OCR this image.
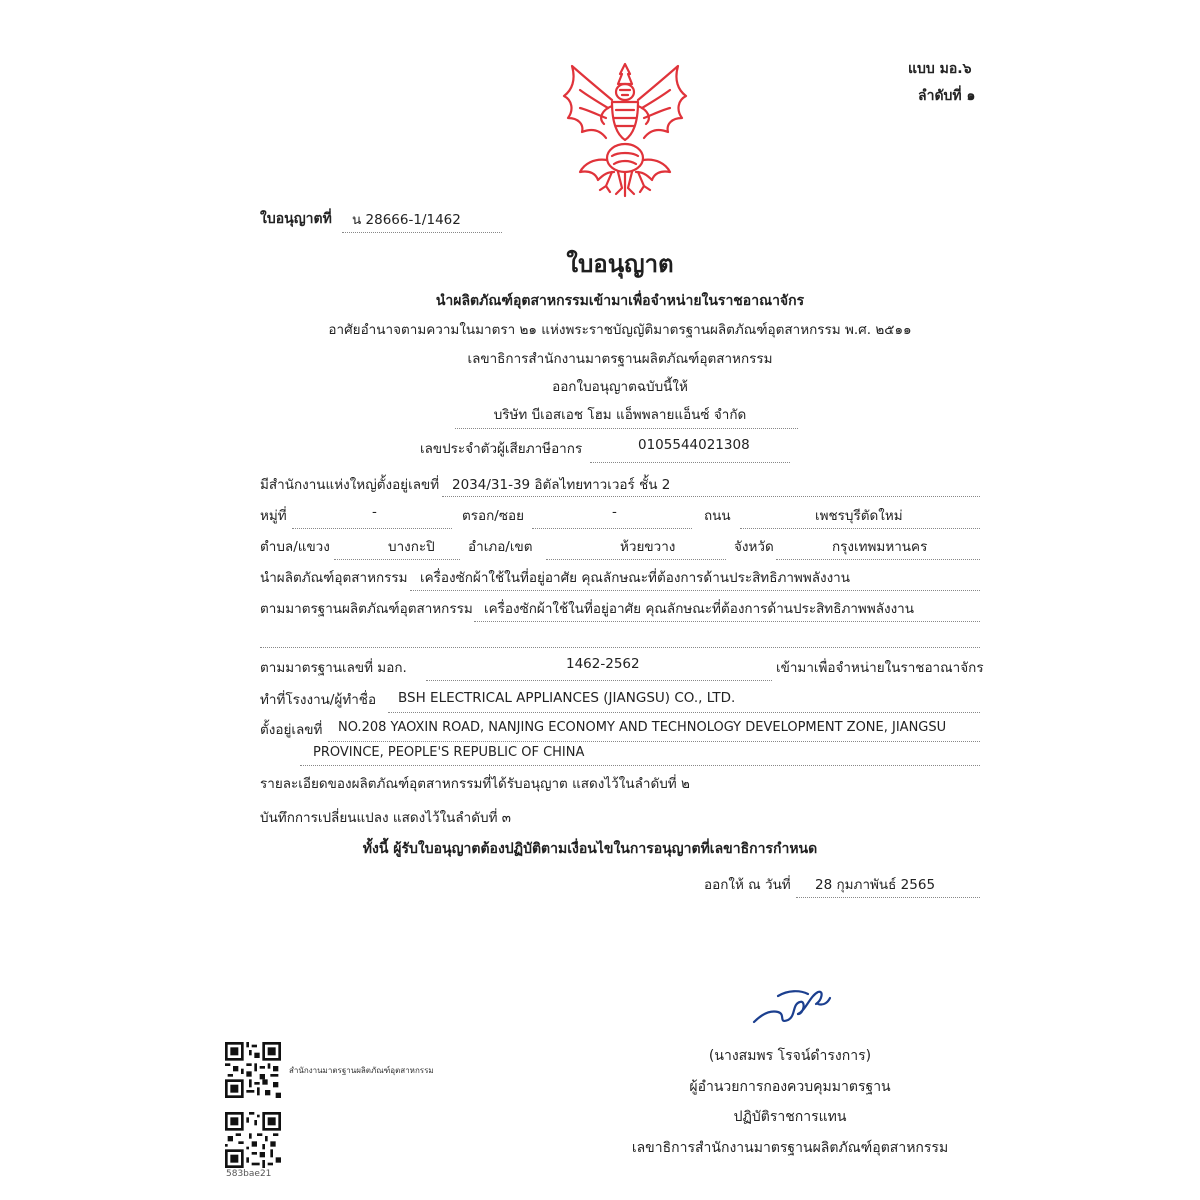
แบบ มอ.๖
ลำดับที่ ๑
ใบอนุญาตที่ น 28666-1/1462
ใบอนุญาต
นำผลิตภัณฑ์อุตสาหกรรมเข้ามาเพื่อจำหน่ายในราชอาณาจักร
อาศัยอำนาจตามความในมาตรา ๒๑ แห่งพระราชบัญญัติมาตรฐานผลิตภัณฑ์อุตสาหกรรม พ.ศ. ๒๕๑๑
เลขาธิการสำนักงานมาตรฐานผลิตภัณฑ์อุตสาหกรรม
ออกใบอนุญาตฉบับนี้ให้
บริษัท บีเอสเอช โฮม แอ็พพลายแอ็นซ์ จำกัด
เลขประจำตัวผู้เสียภาษีอากร	0105544021308
มีสำนักงานแห่งใหญ่ตั้งอยู่เลขที่ 2034/31-39 อิตัลไทยทาวเวอร์ ชั้น 2
หมู่ที่	-	ตรอก/ซอย	-	ถนน	เพชรบุรีตัดใหม่
ตำบล/แขวง	บางกะปิ อำเภอ/เขต	ห้วยขวาง	จังหวัด	กรุงเทพมหานคร
นำผลิตภัณฑ์อุตสาหกรรม เครื่องซักผ้าใช้ในที่อยู่อาศัย คุณลักษณะที่ต้องการด้านประสิทธิภาพพลังงาน
ตามมาตรฐานผลิตภัณฑ์อุตสาหกรรม เครื่องซักผ้าใช้ในที่อยู่อาศัย คุณลักษณะที่ต้องการด้านประสิทธิภาพพลังงาน
ตามมาตรฐานเลขที่ มอก.	1462-2562	เข้ามาเพื่อจำหน่ายในราชอาณาจักร
ทำที่โรงงาน/ผู้ทำชื่อ BSH ELECTRICAL APPLIANCES (JIANGSU) CO., LTD.
ตั้งอยู่เลขที่ NO.208 YAOXIN ROAD, NANJING ECONOMY AND TECHNOLOGY DEVELOPMENT ZONE, JIANGSU
PROVINCE, PEOPLE'S REPUBLIC OF CHINA
รายละเอียดของผลิตภัณฑ์อุตสาหกรรมที่ได้รับอนุญาต แสดงไว้ในลำดับที่ ๒
บันทึกการเปลี่ยนแปลง แสดงไว้ในลำดับที่ ๓
ทั้งนี้ ผู้รับใบอนุญาตต้องปฏิบัติตามเงื่อนไขในการอนุญาตที่เลขาธิการกำหนด
ออกให้ ณ วันที่ 28 กุมภาพันธ์ 2565
(นางสมพร โรจน์ดำรงการ)
ผู้อำนวยการกองควบคุมมาตรฐาน
ปฏิบัติราชการแทน
เลขาธิการสำนักงานมาตรฐานผลิตภัณฑ์อุตสาหกรรม
สำนักงานมาตรฐานผลิตภัณฑ์อุตสาหกรรม
583bae21
